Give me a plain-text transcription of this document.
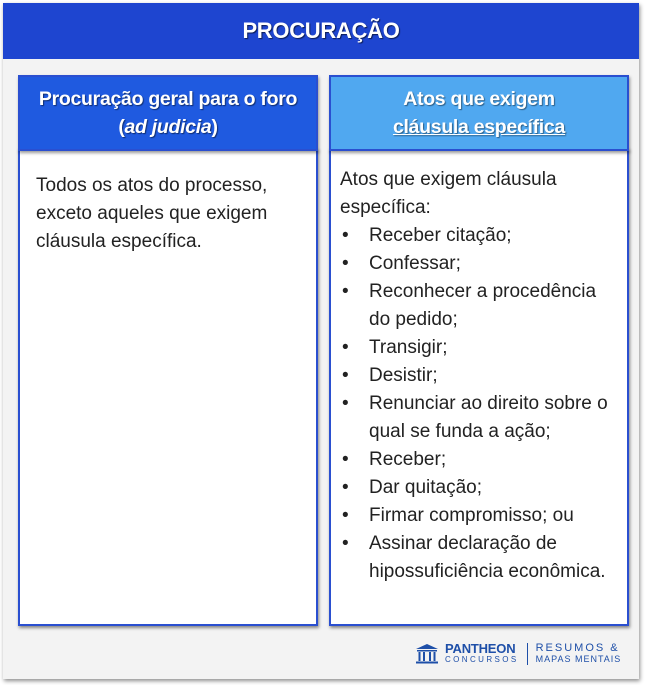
PROCURAÇÃO
Procuração geral para o foro
(ad judicia)
Atos que exigem
cláusula específica
Todos os atos do processo, exceto aqueles que exigem cláusula específica.
Atos que exigem cláusula específica:
• Receber citação;
• Confessar;
• Reconhecer a procedência do pedido;
• Transigir;
• Desistir;
• Renunciar ao direito sobre o qual se funda a ação;
• Receber;
• Dar quitação;
• Firmar compromisso; ou
• Assinar declaração de hipossuficiência econômica.
PANTHEON
CONCURSOS
RESUMOS &
MAPAS MENTAIS
